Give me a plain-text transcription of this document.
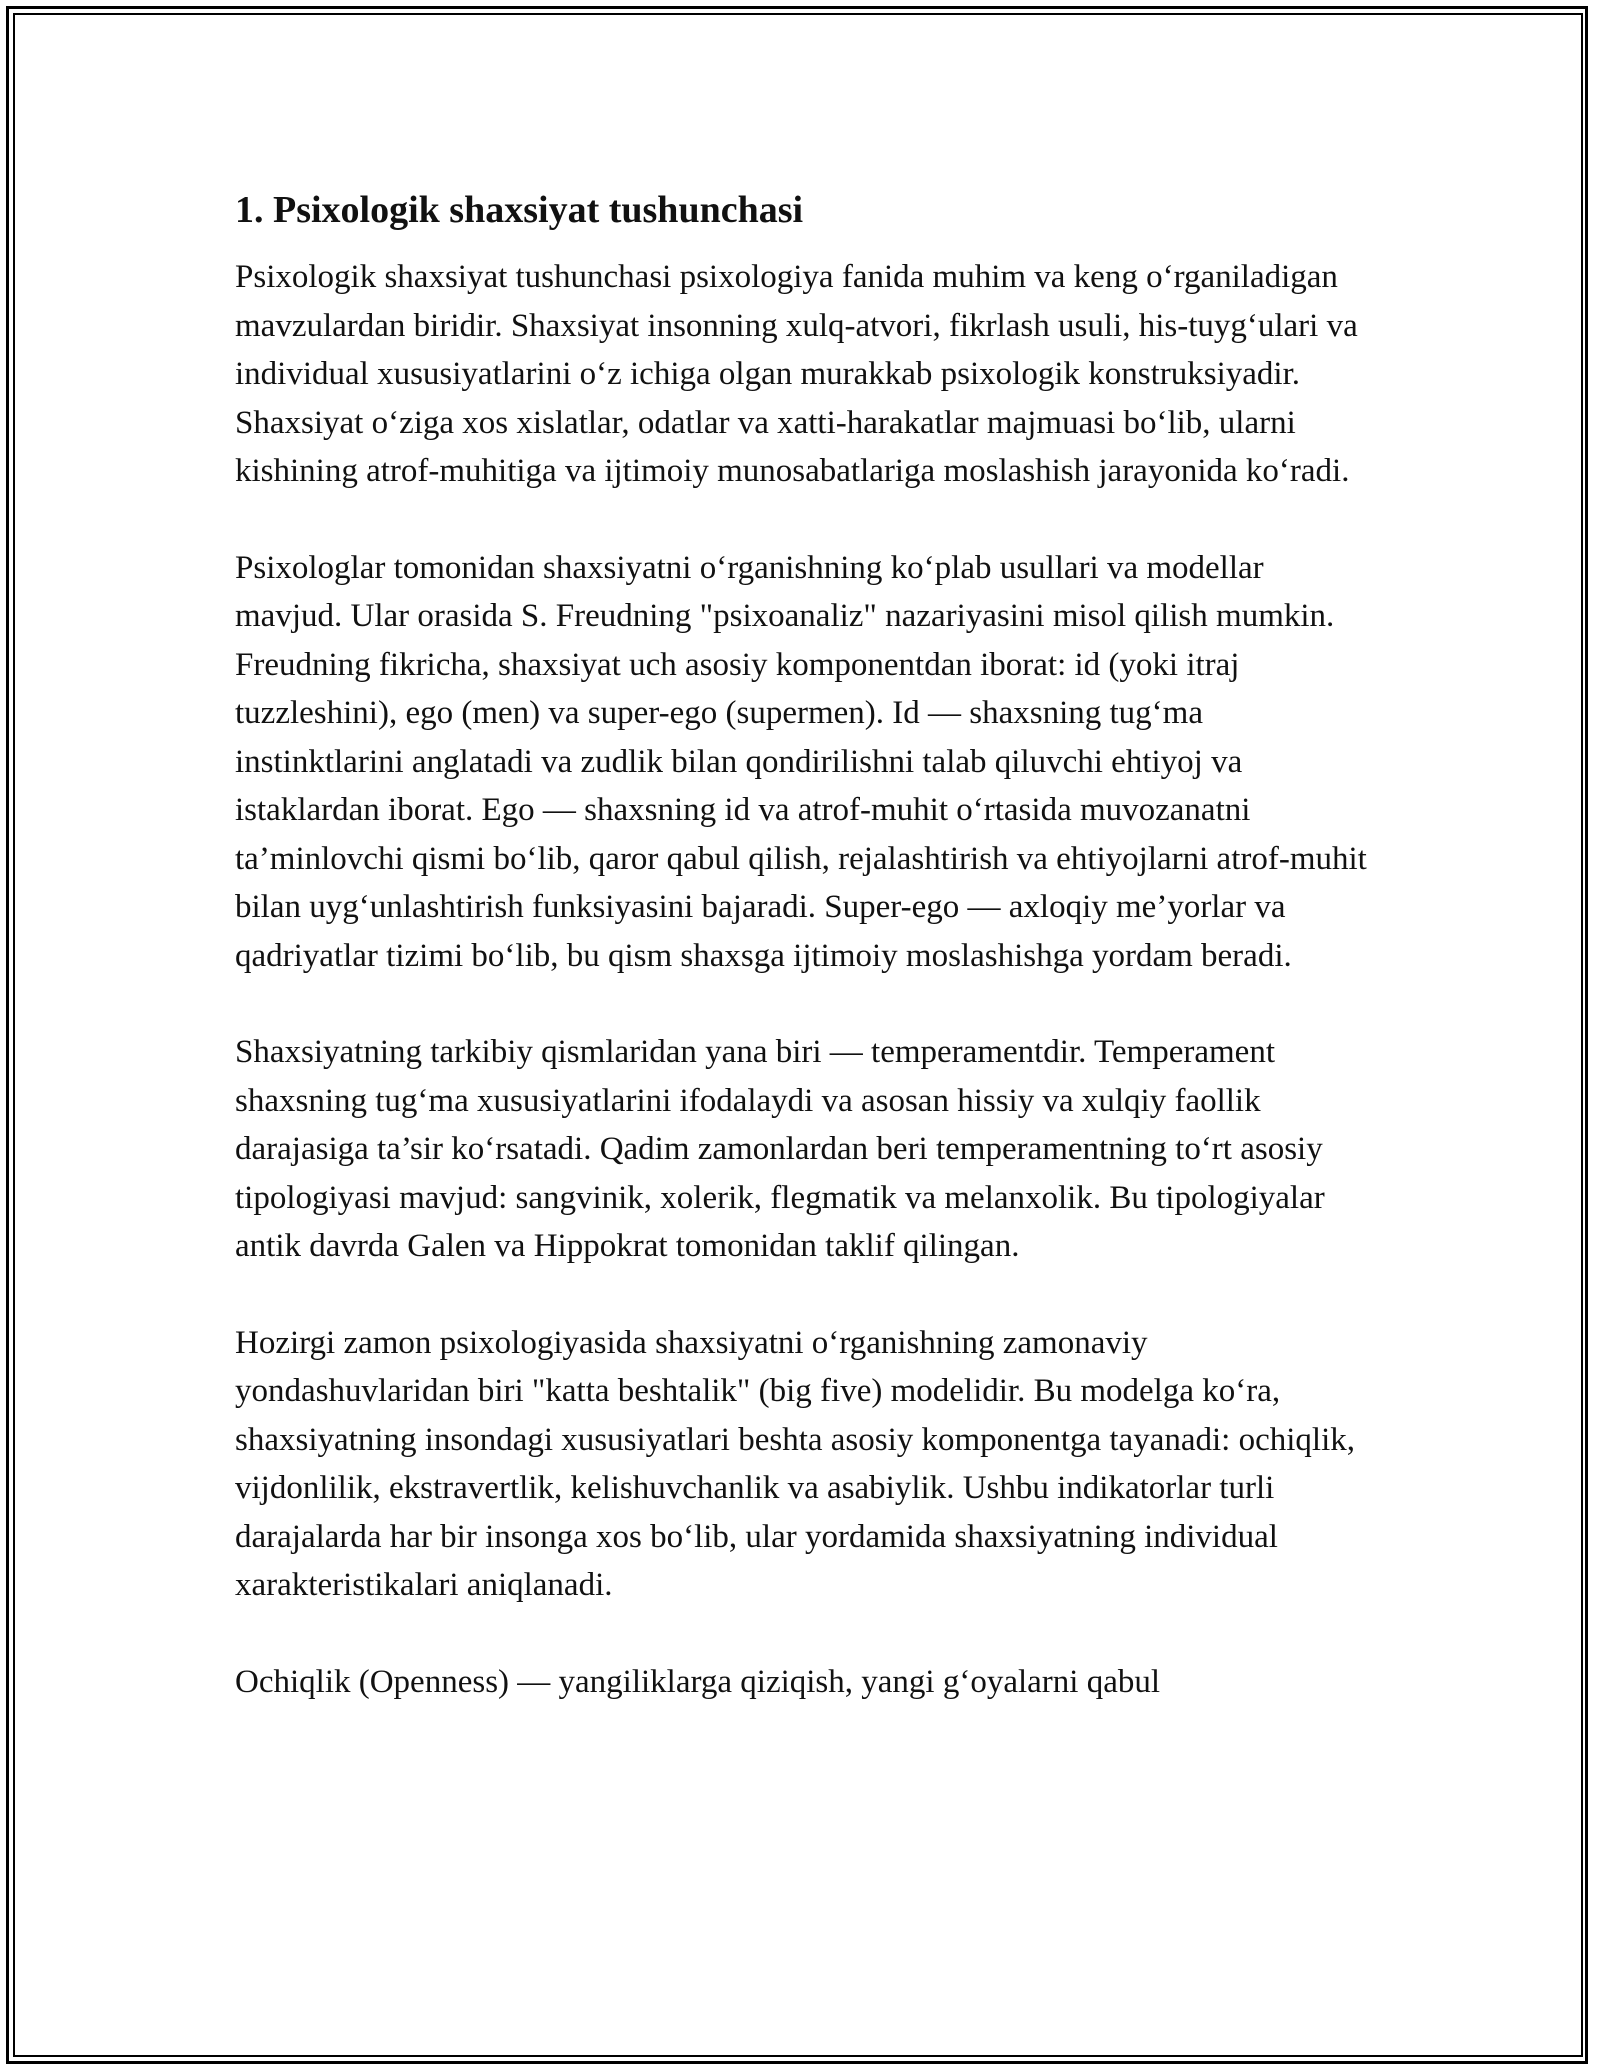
1. Psixologik shaxsiyat tushunchasi

Psixologik shaxsiyat tushunchasi psixologiya fanida muhim va keng o‘rganiladigan mavzulardan biridir. Shaxsiyat insonning xulq-atvori, fikrlash usuli, his-tuyg‘ulari va individual xususiyatlarini o‘z ichiga olgan murakkab psixologik konstruksiyadir. Shaxsiyat o‘ziga xos xislatlar, odatlar va xatti-harakatlar majmuasi bo‘lib, ularni kishining atrof-muhitiga va ijtimoiy munosabatlariga moslashish jarayonida ko‘radi.

Psixologlar tomonidan shaxsiyatni o‘rganishning ko‘plab usullari va modellar mavjud. Ular orasida S. Freudning "psixoanaliz" nazariyasini misol qilish mumkin. Freudning fikricha, shaxsiyat uch asosiy komponentdan iborat: id (yoki itraj tuzzleshini), ego (men) va super-ego (supermen). Id — shaxsning tug‘ma instinktlarini anglatadi va zudlik bilan qondirilishni talab qiluvchi ehtiyoj va istaklardan iborat. Ego — shaxsning id va atrof-muhit o‘rtasida muvozanatni ta’minlovchi qismi bo‘lib, qaror qabul qilish, rejalashtirish va ehtiyojlarni atrof-muhit bilan uyg‘unlashtirish funksiyasini bajaradi. Super-ego — axloqiy me’yorlar va qadriyatlar tizimi bo‘lib, bu qism shaxsga ijtimoiy moslashishga yordam beradi.

Shaxsiyatning tarkibiy qismlaridan yana biri — temperamentdir. Temperament shaxsning tug‘ma xususiyatlarini ifodalaydi va asosan hissiy va xulqiy faollik darajasiga ta’sir ko‘rsatadi. Qadim zamonlardan beri temperamentning to‘rt asosiy tipologiyasi mavjud: sangvinik, xolerik, flegmatik va melanxolik. Bu tipologiyalar antik davrda Galen va Hippokrat tomonidan taklif qilingan.

Hozirgi zamon psixologiyasida shaxsiyatni o‘rganishning zamonaviy yondashuvlaridan biri "katta beshtalik" (big five) modelidir. Bu modelga ko‘ra, shaxsiyatning insondagi xususiyatlari beshta asosiy komponentga tayanadi: ochiqlik, vijdonlilik, ekstravertlik, kelishuvchanlik va asabiylik. Ushbu indikatorlar turli darajalarda har bir insonga xos bo‘lib, ular yordamida shaxsiyatning individual xarakteristikalari aniqlanadi.

Ochiqlik (Openness) — yangiliklarga qiziqish, yangi g‘oyalarni qabul
